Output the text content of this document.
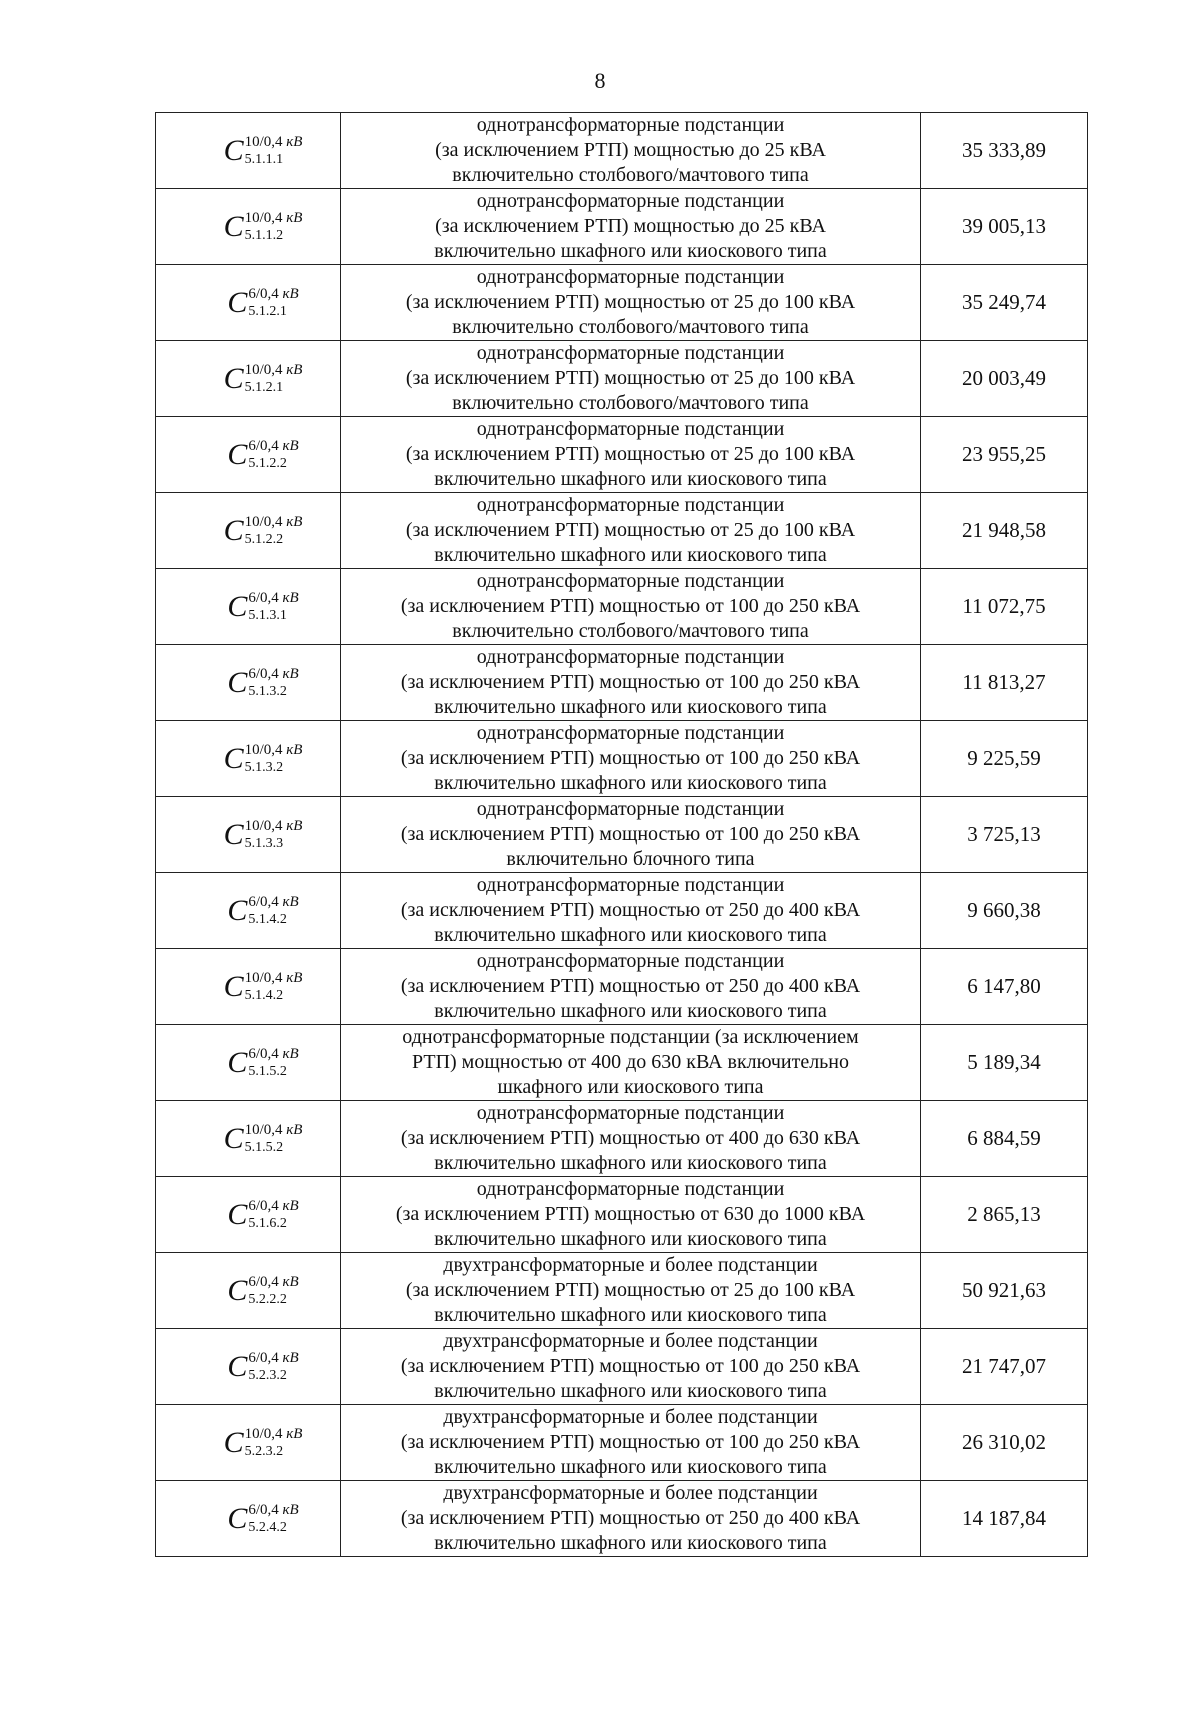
8
C 10/0,4 кВ
5.1.1.1	однотрансформаторные подстанции
(за исключением РТП) мощностью до 25 кВА
включительно столбового/мачтового типа	35 333,89
C 10/0,4 кВ
5.1.1.2	однотрансформаторные подстанции
(за исключением РТП) мощностью до 25 кВА
включительно шкафного или киоскового типа	39 005,13
C 6/0,4 кВ
5.1.2.1	однотрансформаторные подстанции
(за исключением РТП) мощностью от 25 до 100 кВА
включительно столбового/мачтового типа	35 249,74
C 10/0,4 кВ
5.1.2.1	однотрансформаторные подстанции
(за исключением РТП) мощностью от 25 до 100 кВА
включительно столбового/мачтового типа	20 003,49
C 6/0,4 кВ
5.1.2.2	однотрансформаторные подстанции
(за исключением РТП) мощностью от 25 до 100 кВА
включительно шкафного или киоскового типа	23 955,25
C 10/0,4 кВ
5.1.2.2	однотрансформаторные подстанции
(за исключением РТП) мощностью от 25 до 100 кВА
включительно шкафного или киоскового типа	21 948,58
C 6/0,4 кВ
5.1.3.1	однотрансформаторные подстанции
(за исключением РТП) мощностью от 100 до 250 кВА
включительно столбового/мачтового типа	11 072,75
C 6/0,4 кВ
5.1.3.2	однотрансформаторные подстанции
(за исключением РТП) мощностью от 100 до 250 кВА
включительно шкафного или киоскового типа	11 813,27
C 10/0,4 кВ
5.1.3.2	однотрансформаторные подстанции
(за исключением РТП) мощностью от 100 до 250 кВА
включительно шкафного или киоскового типа	9 225,59
C 10/0,4 кВ
5.1.3.3	однотрансформаторные подстанции
(за исключением РТП) мощностью от 100 до 250 кВА
включительно блочного типа	3 725,13
C 6/0,4 кВ
5.1.4.2	однотрансформаторные подстанции
(за исключением РТП) мощностью от 250 до 400 кВА
включительно шкафного или киоскового типа	9 660,38
C 10/0,4 кВ
5.1.4.2	однотрансформаторные подстанции
(за исключением РТП) мощностью от 250 до 400 кВА
включительно шкафного или киоскового типа	6 147,80
C 6/0,4 кВ
5.1.5.2	однотрансформаторные подстанции (за исключением
РТП) мощностью от 400 до 630 кВА включительно
шкафного или киоскового типа	5 189,34
C 10/0,4 кВ
5.1.5.2	однотрансформаторные подстанции
(за исключением РТП) мощностью от 400 до 630 кВА
включительно шкафного или киоскового типа	6 884,59
C 6/0,4 кВ
5.1.6.2	однотрансформаторные подстанции
(за исключением РТП) мощностью от 630 до 1000 кВА
включительно шкафного или киоскового типа	2 865,13
C 6/0,4 кВ
5.2.2.2	двухтрансформаторные и более подстанции
(за исключением РТП) мощностью от 25 до 100 кВА
включительно шкафного или киоскового типа	50 921,63
C 6/0,4 кВ
5.2.3.2	двухтрансформаторные и более подстанции
(за исключением РТП) мощностью от 100 до 250 кВА
включительно шкафного или киоскового типа	21 747,07
C 10/0,4 кВ
5.2.3.2	двухтрансформаторные и более подстанции
(за исключением РТП) мощностью от 100 до 250 кВА
включительно шкафного или киоскового типа	26 310,02
C 6/0,4 кВ
5.2.4.2	двухтрансформаторные и более подстанции
(за исключением РТП) мощностью от 250 до 400 кВА
включительно шкафного или киоскового типа	14 187,84
